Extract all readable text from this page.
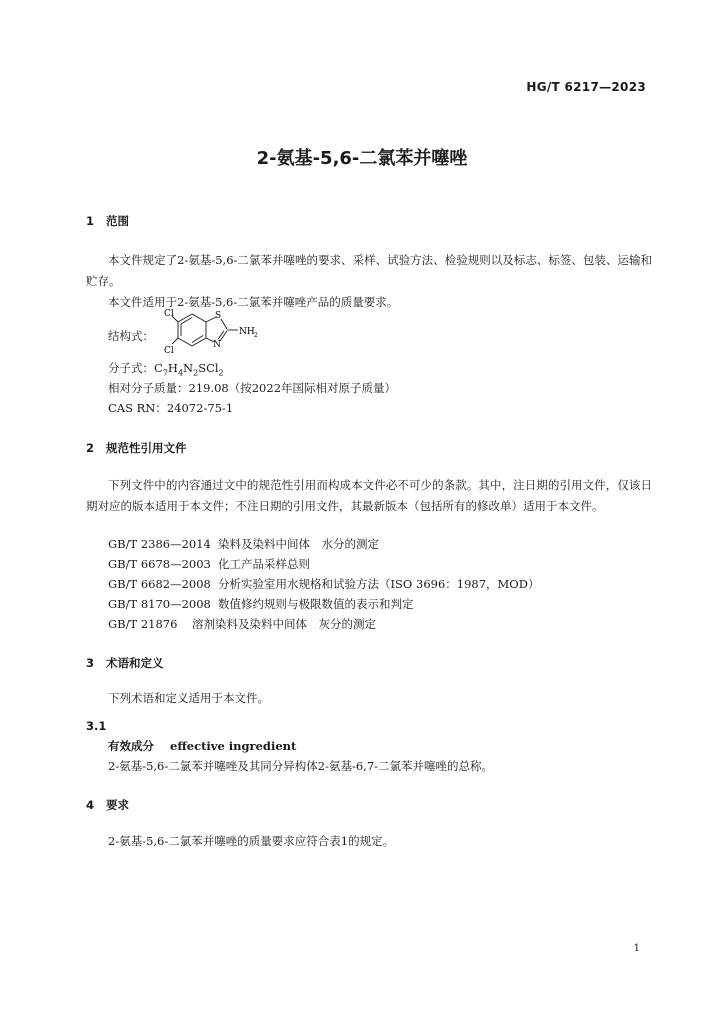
HG/T 6217—2023
2-氨基-5,6-二氯苯并噻唑
1 范围
本文件规定了2-氨基-5,6-二氯苯并噻唑的要求、采样、试验方法、检验规则以及标志、标签、包装、运输和贮存。
本文件适用于2-氨基-5,6-二氯苯并噻唑产品的质量要求。
结构式：
Cl
Cl
S
N
NH 2
分子式：$C_7H_4N_2SCl_2$
相对分子质量：219.08（按2022年国际相对原子质量）
CAS RN：24072-75-1
2 规范性引用文件
下列文件中的内容通过文中的规范性引用而构成本文件必不可少的条款。其中，注日期的引用文件，仅该日期对应的版本适用于本文件；不注日期的引用文件，其最新版本（包括所有的修改单）适用于本文件。
GB/T 2386—2014 染料及染料中间体　水分的测定
GB/T 6678—2003 化工产品采样总则
GB/T 6682—2008 分析实验室用水规格和试验方法（ISO 3696：1987，MOD）
GB/T 8170—2008 数值修约规则与极限数值的表示和判定
GB/T 21876 溶剂染料及染料中间体　灰分的测定
3 术语和定义
下列术语和定义适用于本文件。
3.1
有效成分 effective ingredient
2-氨基-5,6-二氯苯并噻唑及其同分异构体2-氨基-6,7-二氯苯并噻唑的总称。
4 要求
2-氨基-5,6-二氯苯并噻唑的质量要求应符合表1的规定。
1
